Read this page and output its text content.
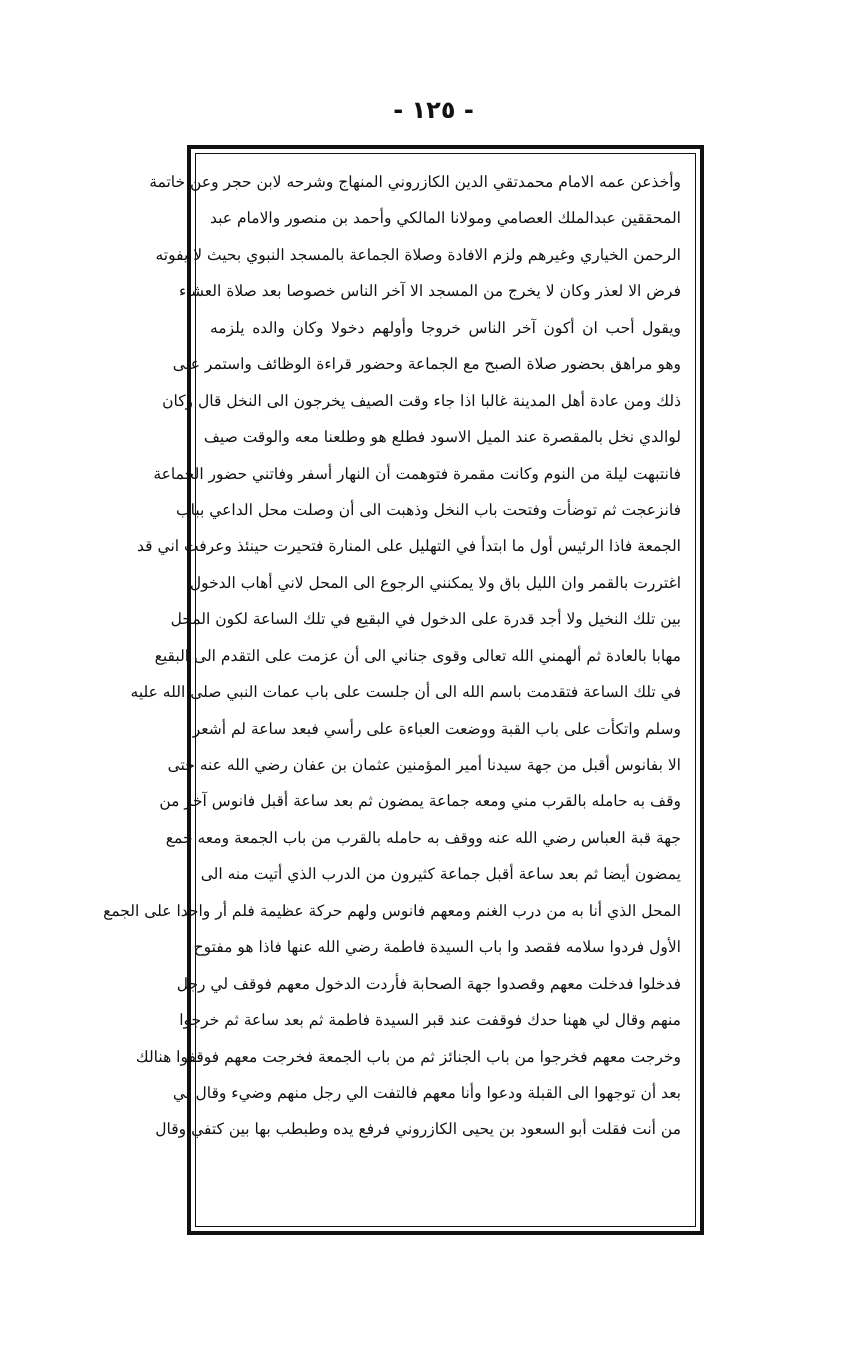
- ١٢٥ -
وأخذعن عمه الامام محمدتقي الدين الكازروني المنهاج وشرحه لابن حجر وعن خاتمة
المحققين عبدالملك العصامي ومولانا المالكي وأحمد بن منصور والامام عبد
الرحمن الخياري وغيرهم ولزم الافادة وصلاة الجماعة بالمسجد النبوي بحيث لا يفوته
فرض الا لعذر وكان لا يخرج من المسجد الا آخر الناس خصوصا بعد صلاة العشاء
ويقول أحب ان أكون آخر الناس خروجا وأولهم دخولا وكان والده يلزمه
وهو مراهق بحضور صلاة الصبح مع الجماعة وحضور قراءة الوظائف واستمر على
ذلك ومن عادة أهل المدينة غالبا اذا جاء وقت الصيف يخرجون الى النخل قال وكان
لوالدي نخل بالمقصرة عند الميل الاسود فطلع هو وطلعنا معه والوقت صيف
فانتبهت ليلة من النوم وكانت مقمرة فتوهمت أن النهار أسفر وفاتني حضور الجماعة
فانزعجت ثم توضأت وفتحت باب النخل وذهبت الى أن وصلت محل الداعي بباب
الجمعة فاذا الرئيس أول ما ابتدأ في التهليل على المنارة فتحيرت حينئذ وعرفت اني قد
اغتررت بالقمر وان الليل باق ولا يمكنني الرجوع الى المحل لاني أهاب الدخول
بين تلك النخيل ولا أجد قدرة على الدخول في البقيع في تلك الساعة لكون المحل
مهابا بالعادة ثم ألهمني الله تعالى وقوى جناني الى أن عزمت على التقدم الى البقيع
في تلك الساعة فتقدمت باسم الله الى أن جلست على باب عمات النبي صلى الله عليه
وسلم واتكأت على باب القبة ووضعت العباءة على رأسي فبعد ساعة لم أشعر
الا بفانوس أقبل من جهة سيدنا أمير المؤمنين عثمان بن عفان رضي الله عنه حتى
وقف به حامله بالقرب مني ومعه جماعة يمضون ثم بعد ساعة أقبل فانوس آخر من
جهة قبة العباس رضي الله عنه ووقف به حامله بالقرب من باب الجمعة ومعه جمع
يمضون أيضا ثم بعد ساعة أقبل جماعة كثيرون من الدرب الذي أتيت منه الى
المحل الذي أنا به من درب الغنم ومعهم فانوس ولهم حركة عظيمة فلم أر واحدا على الجمع
الأول فردوا سلامه فقصد وا باب السيدة فاطمة رضي الله عنها فاذا هو مفتوح
فدخلوا فدخلت معهم وقصدوا جهة الصحابة فأردت الدخول معهم فوقف لي رجل
منهم وقال لي ههنا حدك فوقفت عند قبر السيدة فاطمة ثم بعد ساعة ثم خرجوا
وخرجت معهم فخرجوا من باب الجنائز ثم من باب الجمعة فخرجت معهم فوقفوا هنالك
بعد أن توجهوا الى القبلة ودعوا وأنا معهم فالتفت الي رجل منهم وضيء وقال لي
من أنت فقلت أبو السعود بن يحيى الكازروني فرفع يده وطبطب بها بين كتفي وقال
